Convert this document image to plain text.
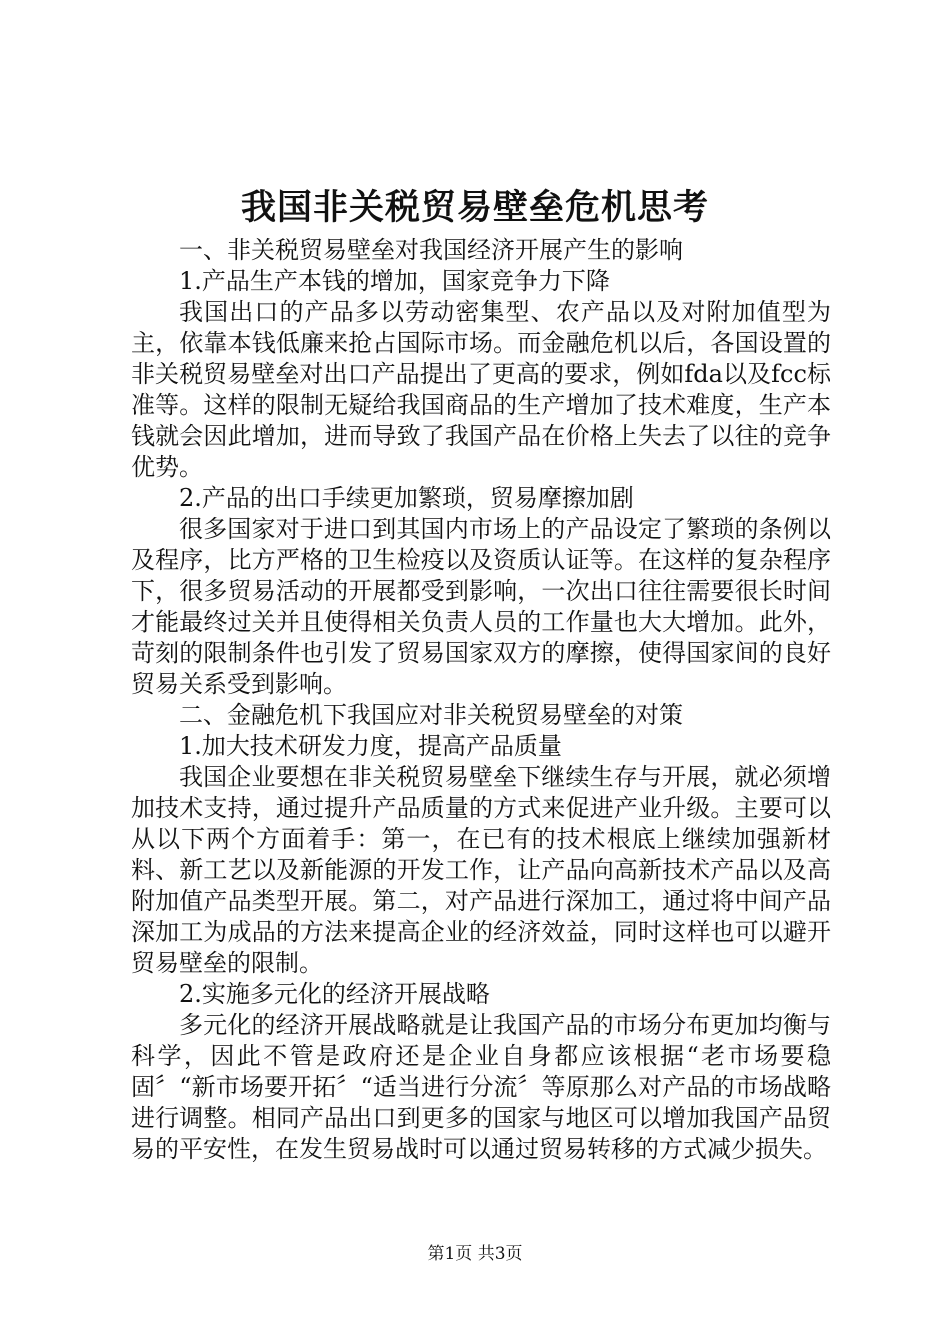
我国非关税贸易壁垒危机思考

一、非关税贸易壁垒对我国经济开展产生的影响

1.产品生产本钱的增加，国家竞争力下降

我国出口的产品多以劳动密集型、农产品以及对附加值型为主，依靠本钱低廉来抢占国际市场。而金融危机以后，各国设置的非关税贸易壁垒对出口产品提出了更高的要求，例如fda以及fcc标准等。这样的限制无疑给我国商品的生产增加了技术难度，生产本钱就会因此增加，进而导致了我国产品在价格上失去了以往的竞争优势。

2.产品的出口手续更加繁琐，贸易摩擦加剧

很多国家对于进口到其国内市场上的产品设定了繁琐的条例以及程序，比方严格的卫生检疫以及资质认证等。在这样的复杂程序下，很多贸易活动的开展都受到影响，一次出口往往需要很长时间才能最终过关并且使得相关负责人员的工作量也大大增加。此外，苛刻的限制条件也引发了贸易国家双方的摩擦，使得国家间的良好贸易关系受到影响。

二、金融危机下我国应对非关税贸易壁垒的对策

1.加大技术研发力度，提高产品质量

我国企业要想在非关税贸易壁垒下继续生存与开展，就必须增加技术支持，通过提升产品质量的方式来促进产业升级。主要可以从以下两个方面着手：第一，在已有的技术根底上继续加强新材料、新工艺以及新能源的开发工作，让产品向高新技术产品以及高附加值产品类型开展。第二，对产品进行深加工，通过将中间产品深加工为成品的方法来提高企业的经济效益，同时这样也可以避开贸易壁垒的限制。

2.实施多元化的经济开展战略

多元化的经济开展战略就是让我国产品的市场分布更加均衡与科学，因此不管是政府还是企业自身都应该根据“老市场要稳固〞“新市场要开拓〞“适当进行分流〞等原那么对产品的市场战略进行调整。相同产品出口到更多的国家与地区可以增加我国产品贸易的平安性，在发生贸易战时可以通过贸易转移的方式减少损失。

第1页 共3页
